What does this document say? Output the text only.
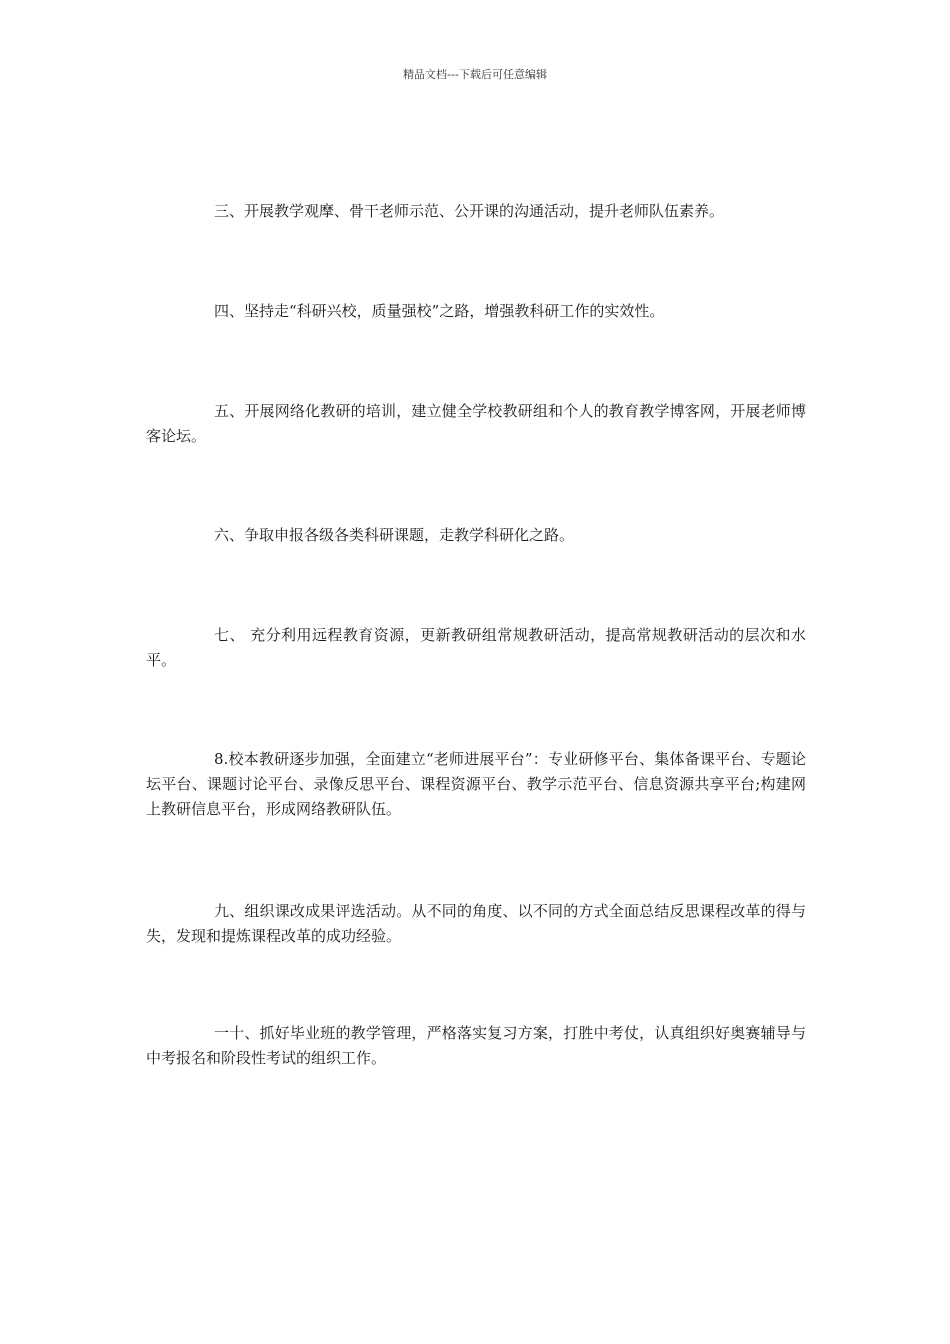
精品文档---下载后可任意编辑

三、开展教学观摩、骨干老师示范、公开课的沟通活动，提升老师队伍素养。

四、坚持走“科研兴校，质量强校”之路，增强教科研工作的实效性。

五、开展网络化教研的培训，建立健全学校教研组和个人的教育教学博客网，开展老师博客论坛。

六、争取申报各级各类科研课题，走教学科研化之路。

七、 充分利用远程教育资源，更新教研组常规教研活动，提高常规教研活动的层次和水平。

8.校本教研逐步加强，全面建立“老师进展平台”：专业研修平台、集体备课平台、专题论坛平台、课题讨论平台、录像反思平台、课程资源平台、教学示范平台、信息资源共享平台;构建网上教研信息平台，形成网络教研队伍。

九、组织课改成果评选活动。从不同的角度、以不同的方式全面总结反思课程改革的得与失，发现和提炼课程改革的成功经验。

一十、抓好毕业班的教学管理，严格落实复习方案，打胜中考仗，认真组织好奥赛辅导与中考报名和阶段性考试的组织工作。
